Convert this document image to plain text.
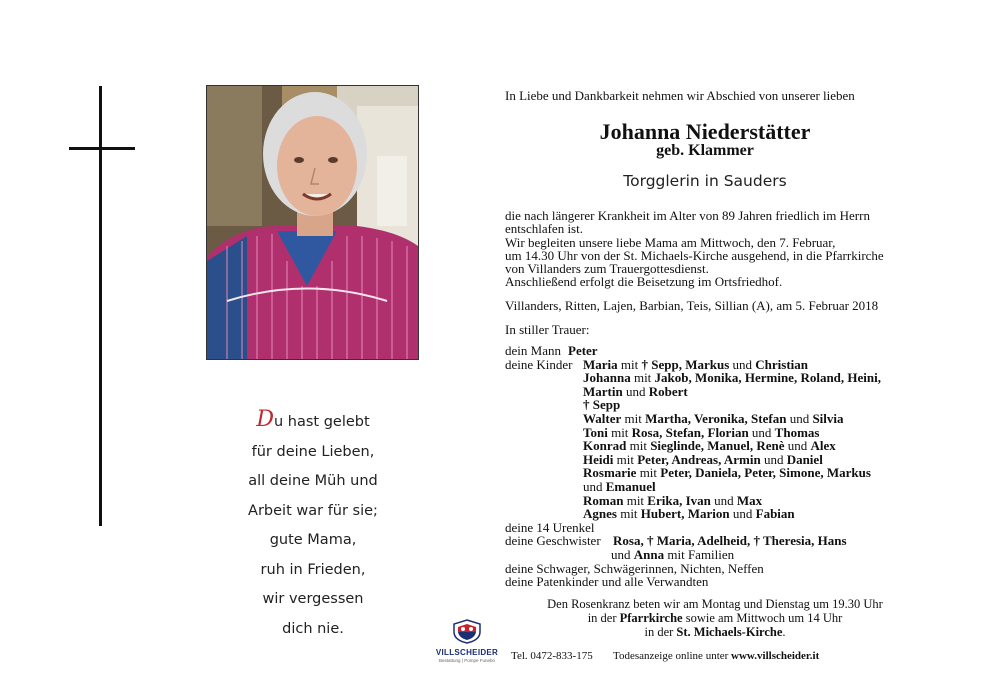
Du hast gelebt
für deine Lieben,
all deine Müh und
Arbeit war für sie;
gute Mama,
ruh in Frieden,
wir vergessen
dich nie.
In Liebe und Dankbarkeit nehmen wir Abschied von unserer lieben
Johanna Niederstätter
geb. Klammer
Torgglerin in Sauders
die nach längerer Krankheit im Alter von 89 Jahren friedlich im Herrn
entschlafen ist.
Wir begleiten unsere liebe Mama am Mittwoch, den 7. Februar,
um 14.30 Uhr von der St. Michaels-Kirche ausgehend, in die Pfarrkirche
von Villanders zum Trauergottesdienst.
Anschließend erfolgt die Beisetzung im Ortsfriedhof.
Villanders, Ritten, Lajen, Barbian, Teis, Sillian (A), am 5. Februar 2018
In stiller Trauer:
dein Mann Peter
deine Kinder Maria mit † Sepp, Markus und Christian
Johanna mit Jakob, Monika, Hermine, Roland, Heini,
Martin und Robert
† Sepp
Walter mit Martha, Veronika, Stefan und Silvia
Toni mit Rosa, Stefan, Florian und Thomas
Konrad mit Sieglinde, Manuel, Renè und Alex
Heidi mit Peter, Andreas, Armin und Daniel
Rosmarie mit Peter, Daniela, Peter, Simone, Markus
und Emanuel
Roman mit Erika, Ivan und Max
Agnes mit Hubert, Marion und Fabian
deine 14 Urenkel
deine Geschwister Rosa, † Maria, Adelheid, † Theresia, Hans
und Anna mit Familien
deine Schwager, Schwägerinnen, Nichten, Neffen
deine Patenkinder und alle Verwandten
Den Rosenkranz beten wir am Montag und Dienstag um 19.30 Uhr
in der Pfarrkirche sowie am Mittwoch um 14 Uhr
in der St. Michaels-Kirche.
VILLSCHEIDER
Bestattung | Pompe Funebri	Tel. 0472-833-175 Todesanzeige online unter www.villscheider.it
